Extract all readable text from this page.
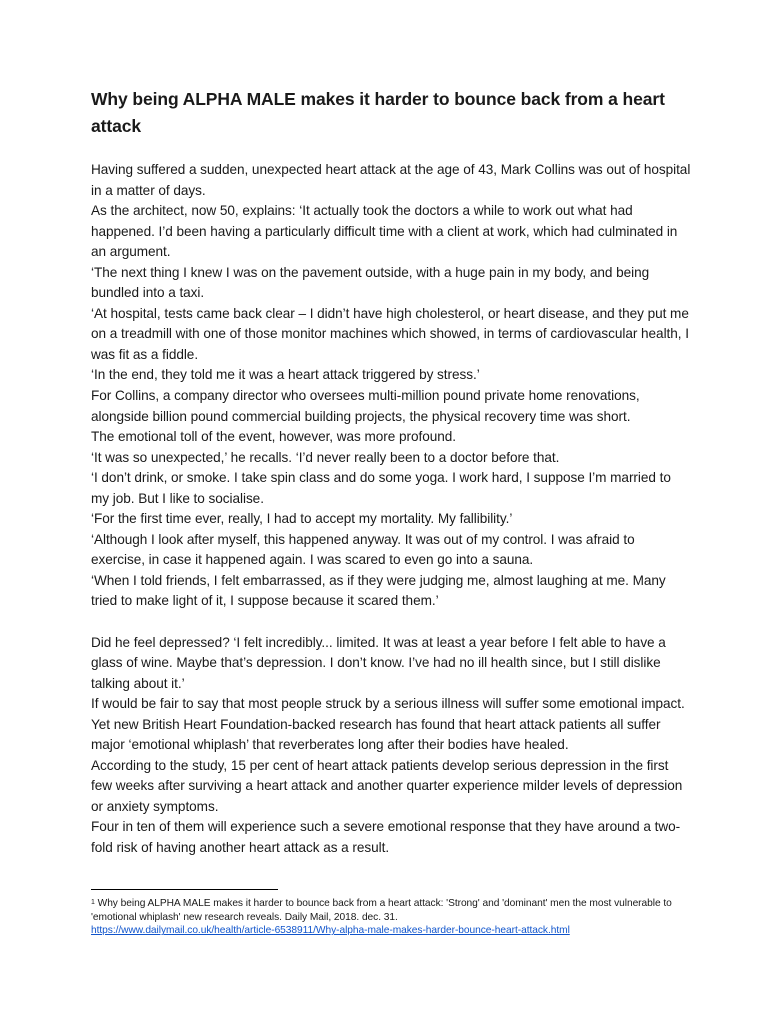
Why being ALPHA MALE makes it harder to bounce back from a heart attack

Having suffered a sudden, unexpected heart attack at the age of 43, Mark Collins was out of hospital in a matter of days.

As the architect, now 50, explains: ‘It actually took the doctors a while to work out what had happened. I’d been having a particularly difficult time with a client at work, which had culminated in an argument.

‘The next thing I knew I was on the pavement outside, with a huge pain in my body, and being bundled into a taxi.

‘At hospital, tests came back clear – I didn’t have high cholesterol, or heart disease, and they put me on a treadmill with one of those monitor machines which showed, in terms of cardiovascular health, I was fit as a fiddle.

‘In the end, they told me it was a heart attack triggered by stress.’

For Collins, a company director who oversees multi-million pound private home renovations, alongside billion pound commercial building projects, the physical recovery time was short.

The emotional toll of the event, however, was more profound.

‘It was so unexpected,’ he recalls. ‘I’d never really been to a doctor before that.

‘I don’t drink, or smoke. I take spin class and do some yoga. I work hard, I suppose I’m married to my job. But I like to socialise.

‘For the first time ever, really, I had to accept my mortality. My fallibility.’

‘Although I look after myself, this happened anyway. It was out of my control. I was afraid to exercise, in case it happened again. I was scared to even go into a sauna.

‘When I told friends, I felt embarrassed, as if they were judging me, almost laughing at me. Many tried to make light of it, I suppose because it scared them.’

Did he feel depressed? ‘I felt incredibly... limited. It was at least a year before I felt able to have a glass of wine. Maybe that’s depression. I don’t know. I’ve had no ill health since, but I still dislike talking about it.’

If would be fair to say that most people struck by a serious illness will suffer some emotional impact.

Yet new British Heart Foundation-backed research has found that heart attack patients all suffer major ‘emotional whiplash’ that reverberates long after their bodies have healed.

According to the study, 15 per cent of heart attack patients develop serious depression in the first few weeks after surviving a heart attack and another quarter experience milder levels of depression or anxiety symptoms.

Four in ten of them will experience such a severe emotional response that they have around a two-fold risk of having another heart attack as a result.

$^1$ Why being ALPHA MALE makes it harder to bounce back from a heart attack: 'Strong' and 'dominant' men the most vulnerable to 'emotional whiplash' new research reveals. Daily Mail, 2018. dec. 31.
https://www.dailymail.co.uk/health/article-6538911/Why-alpha-male-makes-harder-bounce-heart-attack.html
